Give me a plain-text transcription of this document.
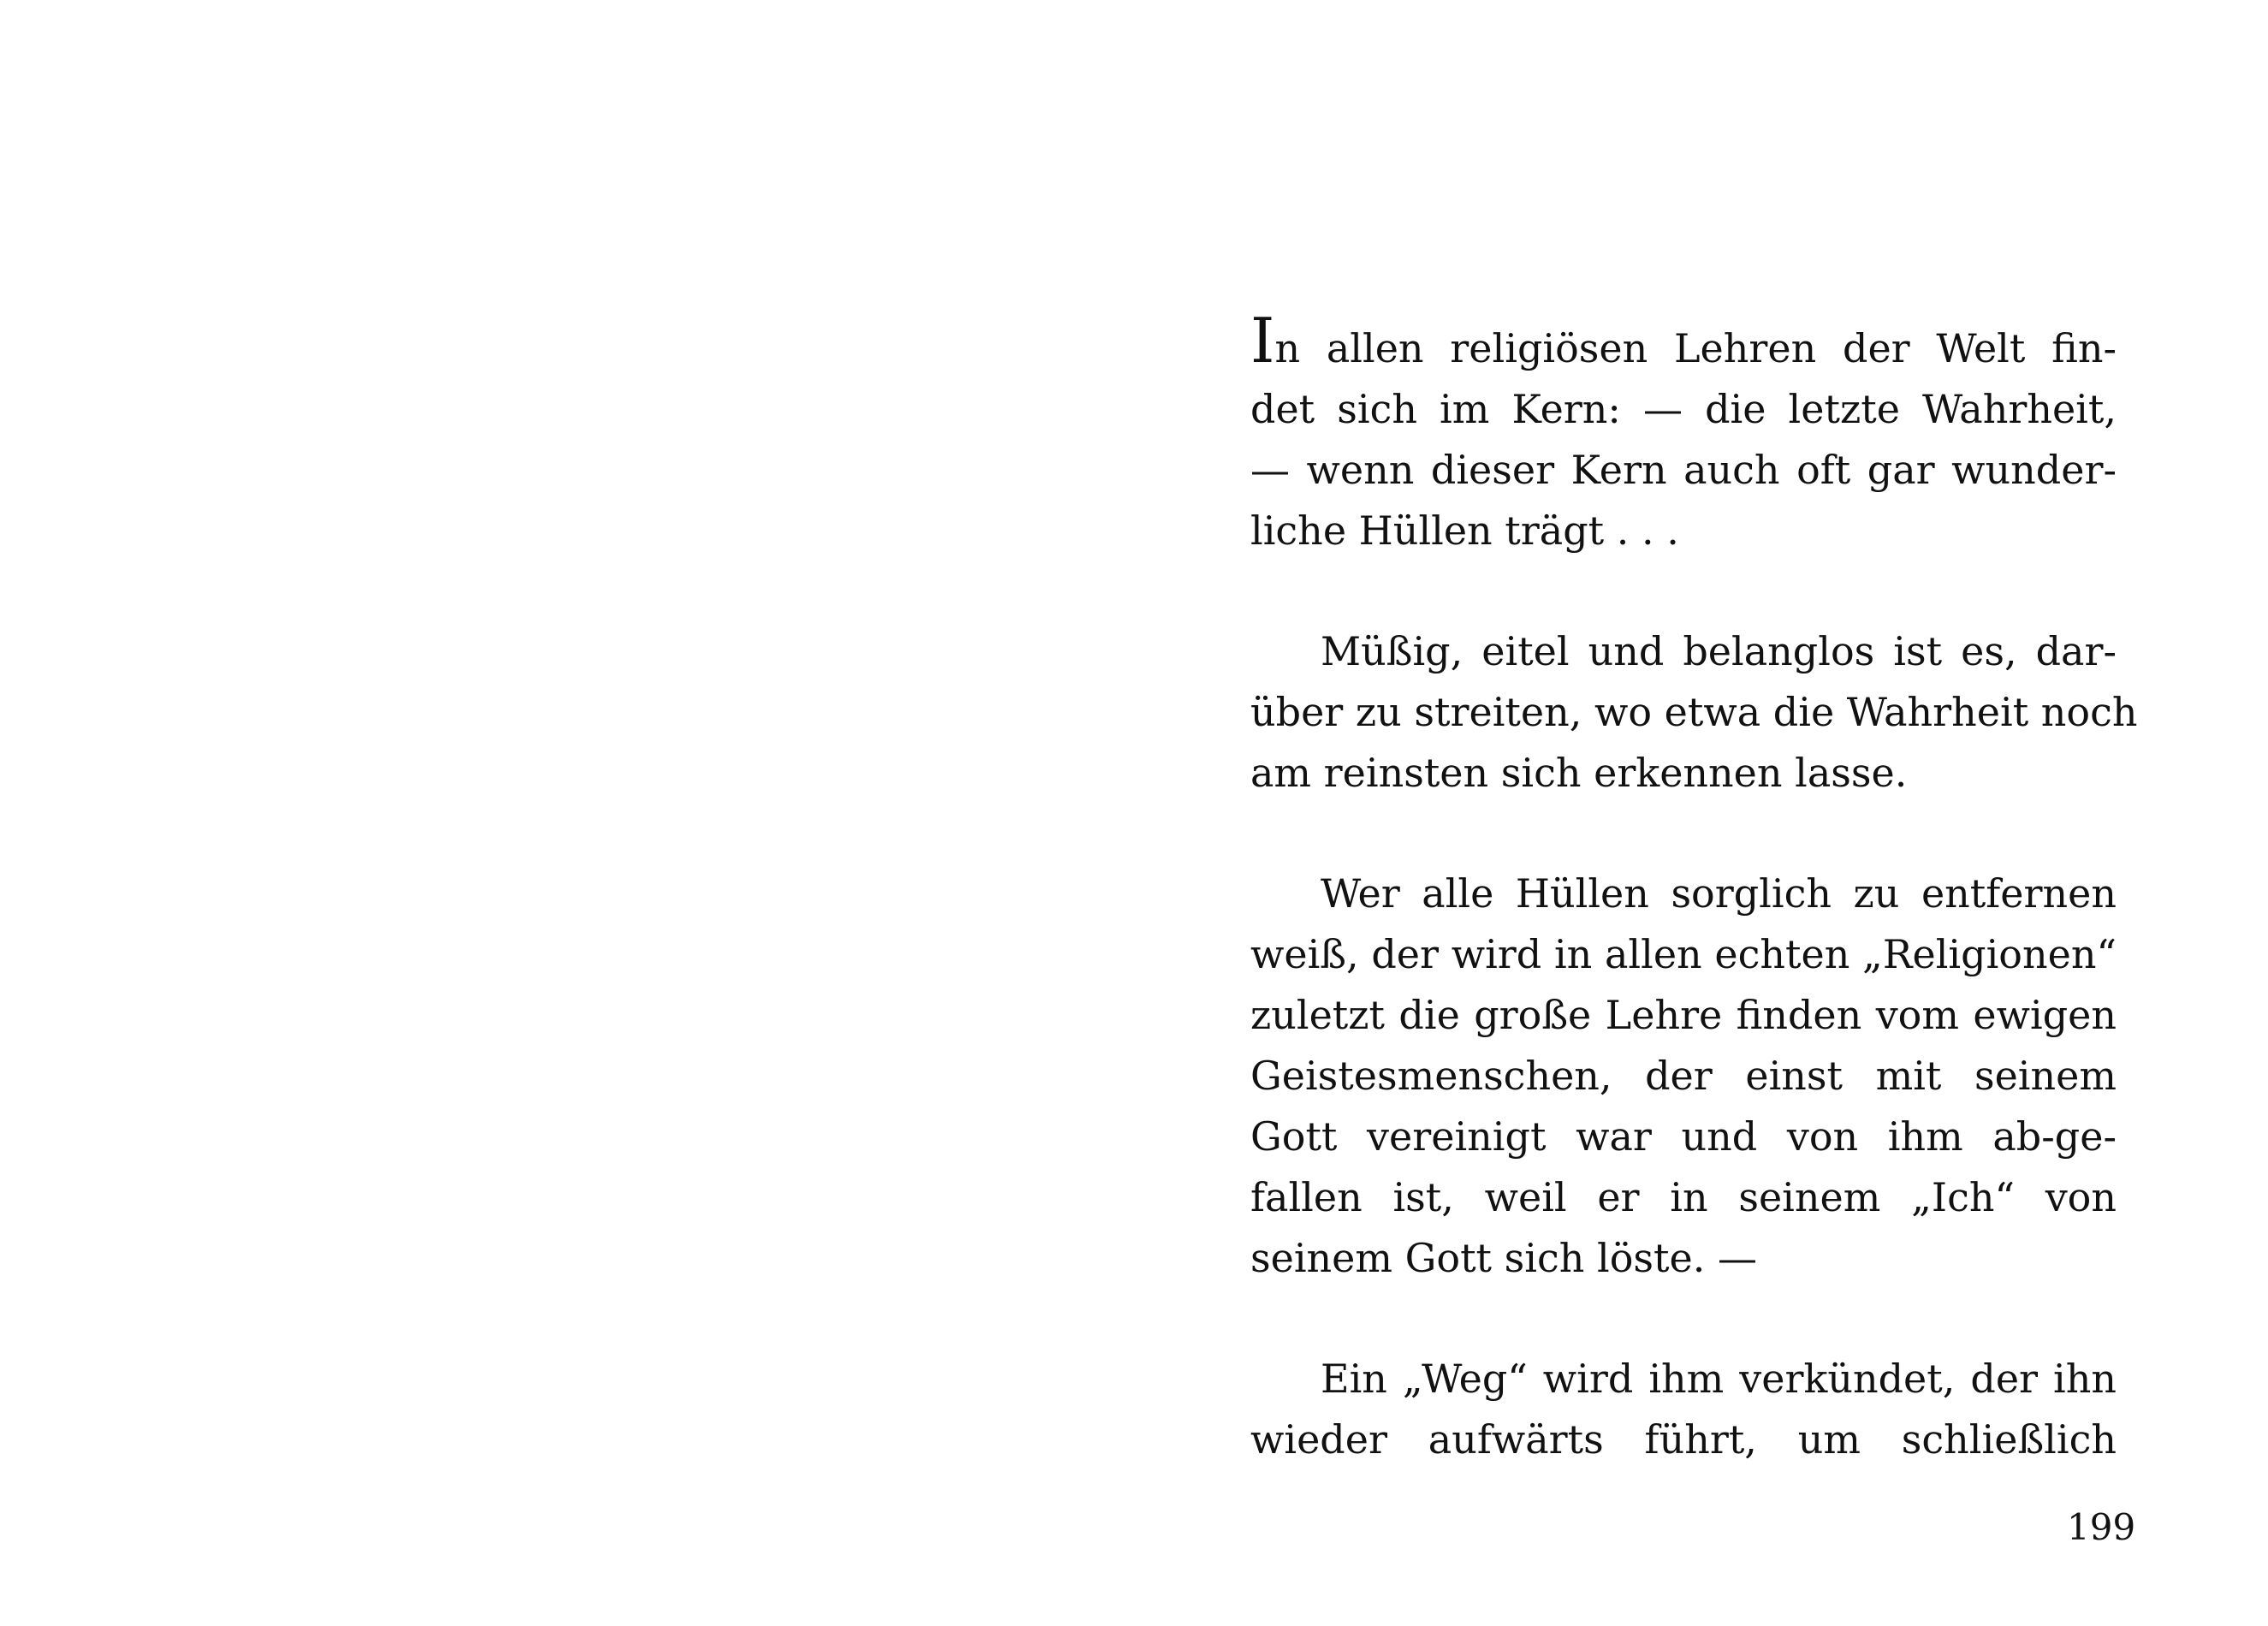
In allen religiösen Lehren der Welt fin-
det sich im Kern: — die letzte Wahrheit,
— wenn dieser Kern auch oft gar wunder-
liche Hüllen trägt . . .

Müßig, eitel und belanglos ist es, dar-
über zu streiten, wo etwa die Wahrheit noch
am reinsten sich erkennen lasse.

Wer alle Hüllen sorglich zu entfernen
weiß, der wird in allen echten „Religionen“
zuletzt die große Lehre finden vom ewigen
Geistesmenschen, der einst mit seinem
Gott vereinigt war und von ihm ab-ge-
fallen ist, weil er in seinem „Ich“ von
seinem Gott sich löste. —

Ein „Weg“ wird ihm verkündet, der ihn
wieder aufwärts führt, um schließlich

199
